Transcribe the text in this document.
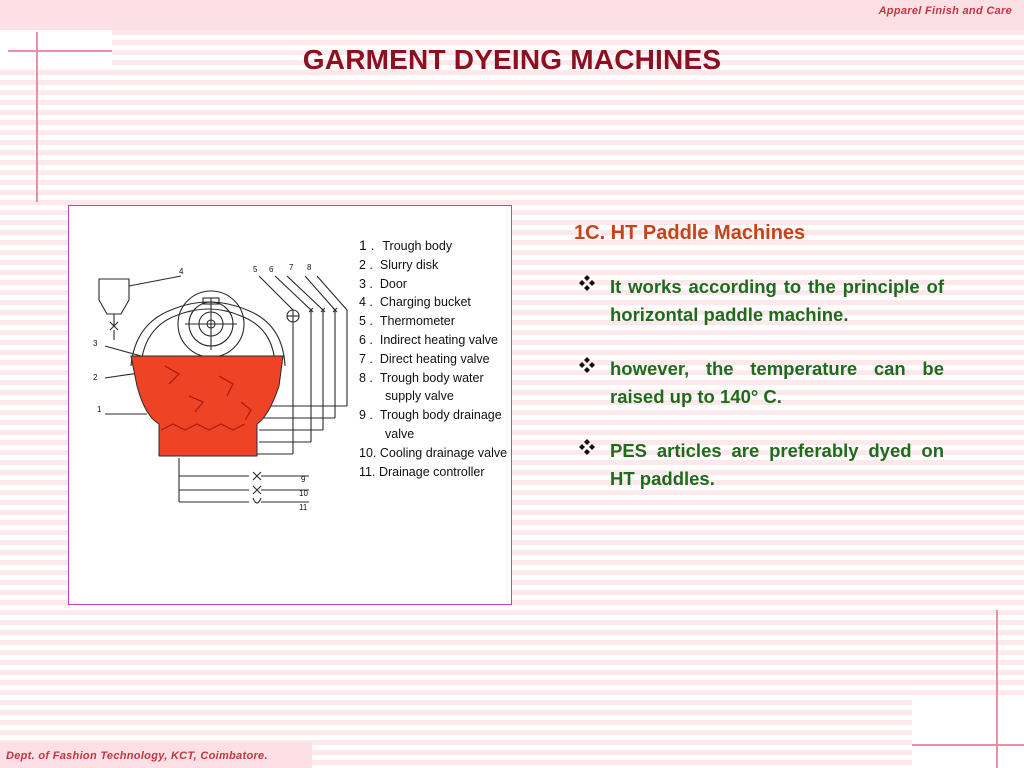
Apparel Finish and Care
GARMENT DYEING MACHINES
4	5 6 7 8
3
2
1
9
10
11
1 . Trough body
2 . Slurry disk
3 . Door
4 . Charging bucket
5 . Thermometer
6 . Indirect heating valve
7 . Direct heating valve
8 . Trough body water supply valve
9 . Trough body drainage valve
10. Cooling drainage valve
11. Drainage controller
1C. HT Paddle Machines
It works according to the principle of horizontal paddle machine.
however, the temperature can be raised up to 140° C.
PES articles are preferably dyed on HT paddles.
Dept. of Fashion Technology, KCT, Coimbatore.
